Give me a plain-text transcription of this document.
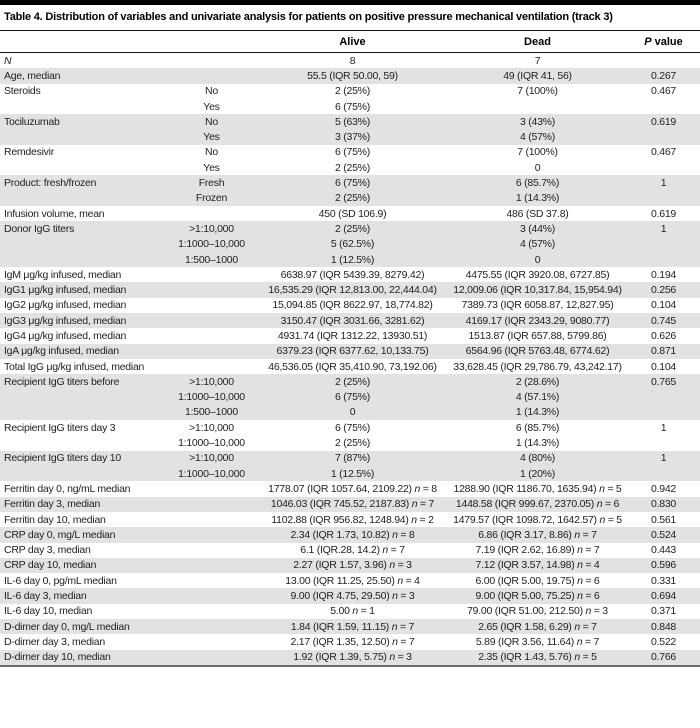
Table 4. Distribution of variables and univariate analysis for patients on positive pressure mechanical ventilation (track 3)
Alive	Dead	P value
N	8	7
Age, median	55.5 (IQR 50.00, 59)	49 (IQR 41, 56)	0.267
Steroids	No	2 (25%)	7 (100%)	0.467
Yes	6 (75%)
Tociluzumab	No	5 (63%)	3 (43%)	0.619
Yes	3 (37%)	4 (57%)
Remdesivir	No	6 (75%)	7 (100%)	0.467
Yes	2 (25%)	0
Product: fresh/frozen	Fresh	6 (75%)	6 (85.7%)	1
Frozen	2 (25%)	1 (14.3%)
Infusion volume, mean	450 (SD 106.9)	486 (SD 37.8)	0.619
Donor IgG titers	>1:10,000	2 (25%)	3 (44%)	1
1:1000–10,000	5 (62.5%)	4 (57%)
1:500–1000	1 (12.5%)	0
IgM μg/kg infused, median	6638.97 (IQR 5439.39, 8279.42)	4475.55 (IQR 3920.08, 6727.85)	0.194
IgG1 μg/kg infused, median	16,535.29 (IQR 12,813.00, 22,444.04)	12,009.06 (IQR 10,317.84, 15,954.94)	0.256
IgG2 μg/kg infused, median	15,094.85 (IQR 8622.97, 18,774.82)	7389.73 (IQR 6058.87, 12,827.95)	0.104
IgG3 μg/kg infused, median	3150.47 (IQR 3031.66, 3281.62)	4169.17 (IQR 2343.29, 9080.77)	0.745
IgG4 μg/kg infused, median	4931.74 (IQR 1312.22, 13930.51)	1513.87 (IQR 657.88, 5799.86)	0.626
IgA μg/kg infused, median	6379.23 (IQR 6377.62, 10,133.75)	6564.96 (IQR 5763.48, 6774.62)	0.871
Total IgG μg/kg infused, median	46,536.05 (IQR 35,410.90, 73,192.06)	33,628.45 (IQR 29,786.79, 43,242.17)	0.104
Recipient IgG titers before	>1:10,000	2 (25%)	2 (28.6%)	0.765
1:1000–10,000	6 (75%)	4 (57.1%)
1:500–1000	0	1 (14.3%)
Recipient IgG titers day 3	>1:10,000	6 (75%)	6 (85.7%)	1
1:1000–10,000	2 (25%)	1 (14.3%)
Recipient IgG titers day 10	>1:10,000	7 (87%)	4 (80%)	1
1:1000–10,000	1 (12.5%)	1 (20%)
Ferritin day 0, ng/mL median	1778.07 (IQR 1057.64, 2109.22) n = 8	1288.90 (IQR 1186.70, 1635.94) n = 5	0.942
Ferritin day 3, median	1046.03 (IQR 745.52, 2187.83) n = 7	1448.58 (IQR 999.67, 2370.05) n = 6	0.830
Ferritin day 10, median	1102.88 (IQR 956.82, 1248.94) n = 2	1479.57 (IQR 1098.72, 1642.57) n = 5	0.561
CRP day 0, mg/L median	2.34 (IQR 1.73, 10.82) n = 8	6.86 (IQR 3.17, 8.86) n = 7	0.524
CRP day 3, median	6.1 (IQR.28, 14.2) n = 7	7.19 (IQR 2.62, 16.89) n = 7	0.443
CRP day 10, median	2.27 (IQR 1.57, 3.96) n = 3	7.12 (IQR 3.57, 14.98) n = 4	0.596
IL-6 day 0, pg/mL median	13.00 (IQR 11.25, 25.50) n = 4	6.00 (IQR 5.00, 19.75) n = 6	0.331
IL-6 day 3, median	9.00 (IQR 4.75, 29.50) n = 3	9.00 (IQR 5.00, 75.25) n = 6	0.694
IL-6 day 10, median	5.00 n = 1	79.00 (IQR 51.00, 212.50) n = 3	0.371
D-dimer day 0, mg/L median	1.84 (IQR 1.59, 11.15) n = 7	2.65 (IQR 1.58, 6.29) n = 7	0.848
D-dimer day 3, median	2.17 (IQR 1.35, 12.50) n = 7	5.89 (IQR 3.56, 11.64) n = 7	0.522
D-dimer day 10, median	1.92 (IQR 1.39, 5.75) n = 3	2.35 (IQR 1.43, 5.76) n = 5	0.766
